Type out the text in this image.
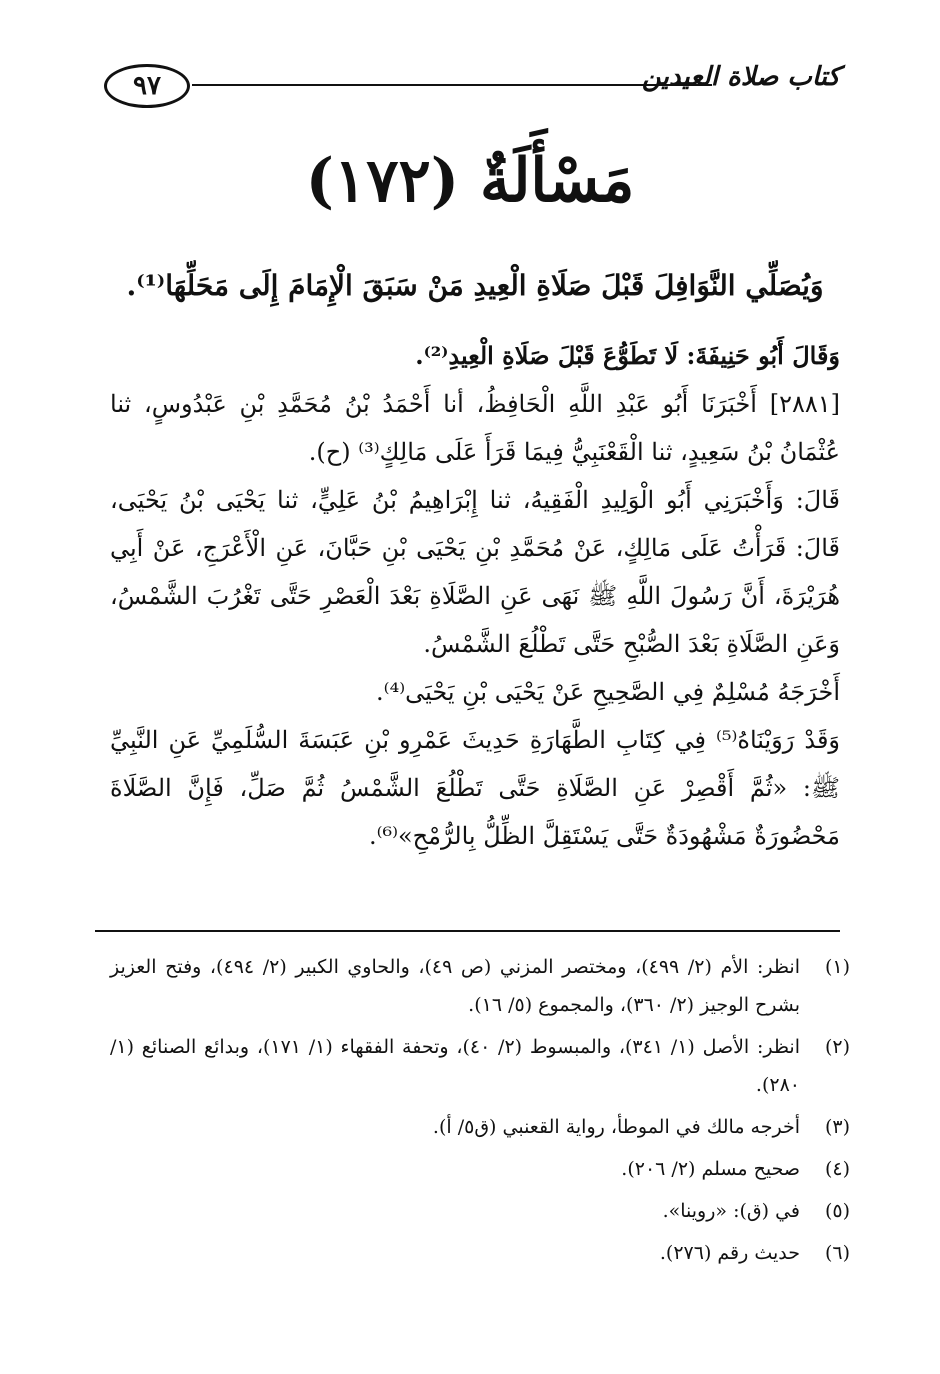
٩٧	كتاب صلاة العيدين
مَسْأَلَةٌ (١٧٢)

وَيُصَلِّي النَّوَافِلَ قَبْلَ صَلَاةِ الْعِيدِ مَنْ سَبَقَ الْإِمَامَ إِلَى مَحَلِّهَا⁽¹⁾.

وَقَالَ أَبُو حَنِيفَةَ: لَا تَطَوُّعَ قَبْلَ صَلَاةِ الْعِيدِ⁽²⁾.

[٢٨٨١] أَخْبَرَنَا أَبُو عَبْدِ اللَّهِ الْحَافِظُ، أنا أَحْمَدُ بْنُ مُحَمَّدِ بْنِ عَبْدُوسٍ، ثنا عُثْمَانُ بْنُ سَعِيدٍ، ثنا الْقَعْنَبِيُّ فِيمَا قَرَأَ عَلَى مَالِكٍ⁽³⁾ (ح).

قَالَ: وَأَخْبَرَنِي أَبُو الْوَلِيدِ الْفَقِيهُ، ثنا إِبْرَاهِيمُ بْنُ عَلِيٍّ، ثنا يَحْيَى بْنُ يَحْيَى، قَالَ: قَرَأْتُ عَلَى مَالِكٍ، عَنْ مُحَمَّدِ بْنِ يَحْيَى بْنِ حَبَّانَ، عَنِ الْأَعْرَجِ، عَنْ أَبِي هُرَيْرَةَ، أَنَّ رَسُولَ اللَّهِ ﷺ نَهَى عَنِ الصَّلَاةِ بَعْدَ الْعَصْرِ حَتَّى تَغْرُبَ الشَّمْسُ، وَعَنِ الصَّلَاةِ بَعْدَ الصُّبْحِ حَتَّى تَطْلُعَ الشَّمْسُ.

أَخْرَجَهُ مُسْلِمٌ فِي الصَّحِيحِ عَنْ يَحْيَى بْنِ يَحْيَى⁽⁴⁾.

وَقَدْ رَوَيْنَاهُ⁽⁵⁾ فِي كِتَابِ الطَّهَارَةِ حَدِيثَ عَمْرِو بْنِ عَبَسَةَ السُّلَمِيِّ عَنِ النَّبِيِّ ﷺ: «ثُمَّ أَقْصِرْ عَنِ الصَّلَاةِ حَتَّى تَطْلُعَ الشَّمْسُ ثُمَّ صَلِّ، فَإِنَّ الصَّلَاةَ مَحْضُورَةٌ مَشْهُودَةٌ حَتَّى يَسْتَقِلَّ الظِّلُّ بِالرُّمْحِ»⁽⁶⁾.

(١)
انظر: الأم (٢/ ٤٩٩)، ومختصر المزني (ص ٤٩)، والحاوي الكبير (٢/ ٤٩٤)، وفتح العزيز بشرح الوجيز (٢/ ٣٦٠)، والمجموع (٥/ ١٦).
(٢)
انظر: الأصل (١/ ٣٤١)، والمبسوط (٢/ ٤٠)، وتحفة الفقهاء (١/ ١٧١)، وبدائع الصنائع (١/ ٢٨٠).
(٣)
أخرجه مالك في الموطأ، رواية القعنبي (ق٥/ أ).
(٤)
صحيح مسلم (٢/ ٢٠٦).
(٥)
في (ق): «روينا».
(٦)
حديث رقم (٢٧٦).
